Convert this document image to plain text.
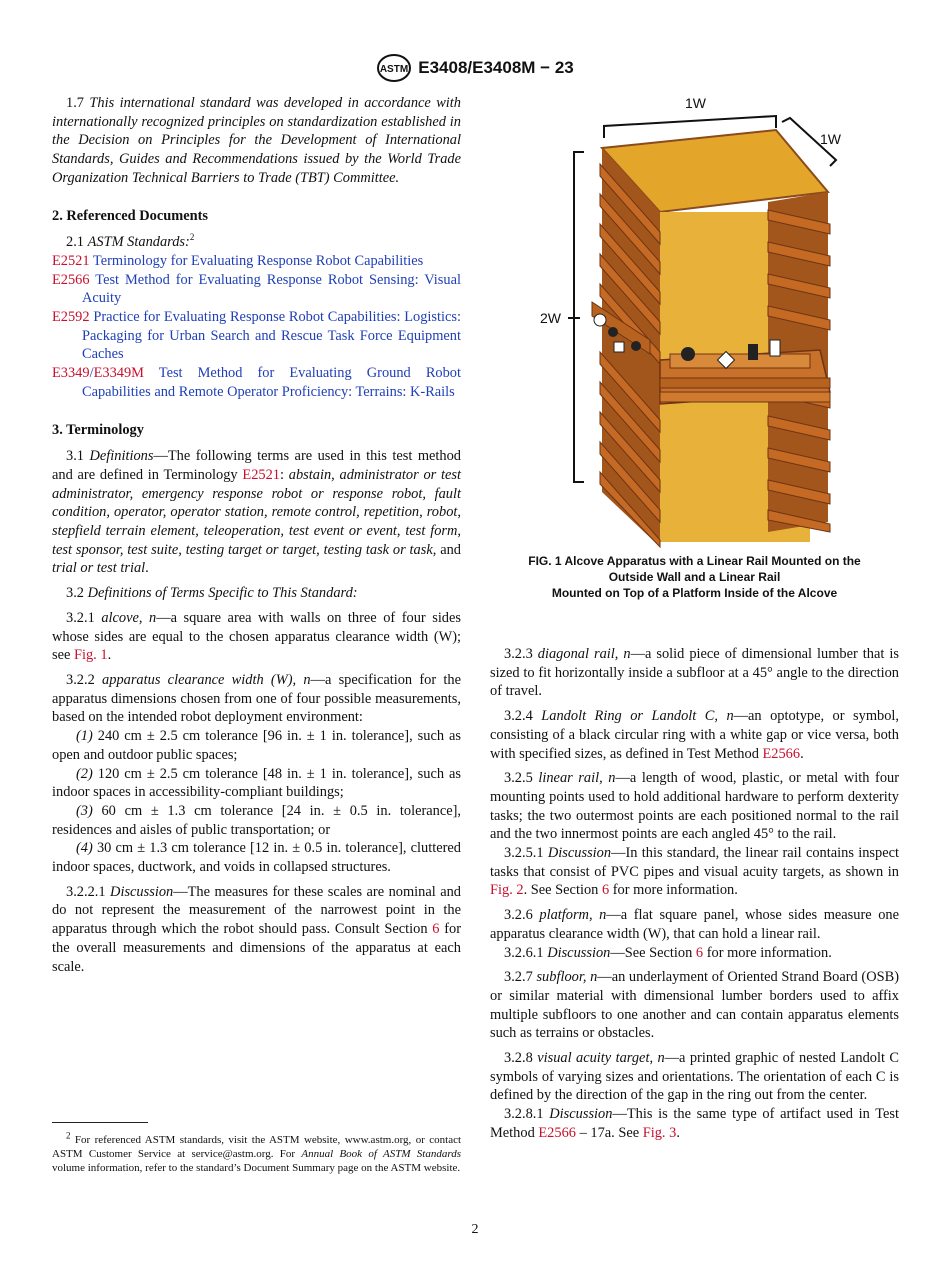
ASTM E3408/E3408M − 23

1.7 This international standard was developed in accordance with internationally recognized principles on standardization established in the Decision on Principles for the Development of International Standards, Guides and Recommendations issued by the World Trade Organization Technical Barriers to Trade (TBT) Committee.

2. Referenced Documents

2.1 ASTM Standards:$^2$

E2521 Terminology for Evaluating Response Robot Capabilities

E2566 Test Method for Evaluating Response Robot Sensing: Visual Acuity

E2592 Practice for Evaluating Response Robot Capabilities: Logistics: Packaging for Urban Search and Rescue Task Force Equipment Caches

E3349/E3349M Test Method for Evaluating Ground Robot Capabilities and Remote Operator Proficiency: Terrains: K-Rails

3. Terminology

3.1 Definitions—The following terms are used in this test method and are defined in Terminology E2521: abstain, administrator or test administrator, emergency response robot or response robot, fault condition, operator, operator station, remote control, repetition, robot, stepfield terrain element, teleoperation, test event or event, test form, test sponsor, test suite, testing target or target, testing task or task, and trial or test trial.

3.2 Definitions of Terms Specific to This Standard:

3.2.1 alcove, n—a square area with walls on three of four sides whose sides are equal to the chosen apparatus clearance width (W); see Fig. 1.

3.2.2 apparatus clearance width (W), n—a specification for the apparatus dimensions chosen from one of four possible measurements, based on the intended robot deployment environment:

(1) 240 cm ± 2.5 cm tolerance [96 in. ± 1 in. tolerance], such as open and outdoor public spaces;

(2) 120 cm ± 2.5 cm tolerance [48 in. ± 1 in. tolerance], such as indoor spaces in accessibility-compliant buildings;

(3) 60 cm ± 1.3 cm tolerance [24 in. ± 0.5 in. tolerance], residences and aisles of public transportation; or

(4) 30 cm ± 1.3 cm tolerance [12 in. ± 0.5 in. tolerance], cluttered indoor spaces, ductwork, and voids in collapsed structures.

3.2.2.1 Discussion—The measures for these scales are nominal and do not represent the measurement of the narrowest point in the apparatus through which the robot should pass. Consult Section 6 for the overall measurements and dimensions of the apparatus at each scale.

1W
1W
2W
FIG. 1 Alcove Apparatus with a Linear Rail Mounted on the
Outside Wall and a Linear Rail
Mounted on Top of a Platform Inside of the Alcove

3.2.3 diagonal rail, n—a solid piece of dimensional lumber that is sized to fit horizontally inside a subfloor at a 45° angle to the direction of travel.

3.2.4 Landolt Ring or Landolt C, n—an optotype, or symbol, consisting of a black circular ring with a white gap or vice versa, both with specified sizes, as defined in Test Method E2566.

3.2.5 linear rail, n—a length of wood, plastic, or metal with four mounting points used to hold additional hardware to perform dexterity tasks; the two outermost points are each positioned normal to the rail and the two innermost points are each angled 45° to the rail.

3.2.5.1 Discussion—In this standard, the linear rail contains inspect tasks that consist of PVC pipes and visual acuity targets, as shown in Fig. 2. See Section 6 for more information.

3.2.6 platform, n—a flat square panel, whose sides measure one apparatus clearance width (W), that can hold a linear rail.

3.2.6.1 Discussion—See Section 6 for more information.

3.2.7 subfloor, n—an underlayment of Oriented Strand Board (OSB) or similar material with dimensional lumber borders used to affix multiple subfloors to one another and can contain apparatus elements such as terrains or obstacles.

3.2.8 visual acuity target, n—a printed graphic of nested Landolt C symbols of varying sizes and orientations. The orientation of each C is defined by the direction of the gap in the ring out from the center.

3.2.8.1 Discussion—This is the same type of artifact used in Test Method E2566 – 17a. See Fig. 3.

$^2$ For referenced ASTM standards, visit the ASTM website, www.astm.org, or contact ASTM Customer Service at service@astm.org. For Annual Book of ASTM Standards volume information, refer to the standard’s Document Summary page on the ASTM website.
2
